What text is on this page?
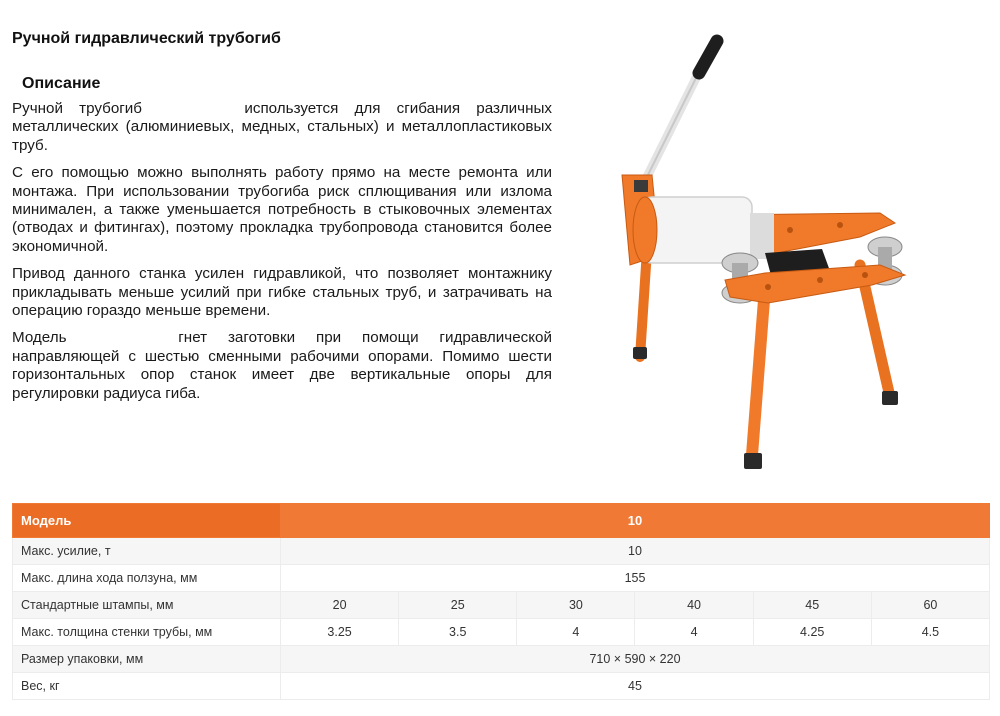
Ручной гидравлический трубогиб
Описание

Ручной трубогиб	используется для сгибания различных металлических (алюминиевых, медных, стальных) и металлопластиковых труб.

С его помощью можно выполнять работу прямо на месте ремонта или монтажа. При использовании трубогиба риск сплющивания или излома минимален, а также уменьшается потребность в стыковочных элементах (отводах и фитингах), поэтому прокладка трубопровода становится более экономичной.

Привод данного станка усилен гидравликой, что позволяет монтажнику прикладывать меньше усилий при гибке стальных труб, и затрачивать на операцию гораздо меньше времени.

Модель	гнет заготовки при помощи гидравлической направляющей с шестью сменными рабочими опорами. Помимо шести горизонтальных опор станок имеет две вертикальные опоры для регулировки радиуса гиба.

Модель	10					
Макс. усилие, т	10					
Макс. длина хода ползуна, мм	155					
Стандартные штампы, мм	20	25	30	40	45	60
Макс. толщина стенки трубы, мм	3.25	3.5	4	4	4.25	4.5
Размер упаковки, мм	710 × 590 × 220					
Вес, кг	45					
